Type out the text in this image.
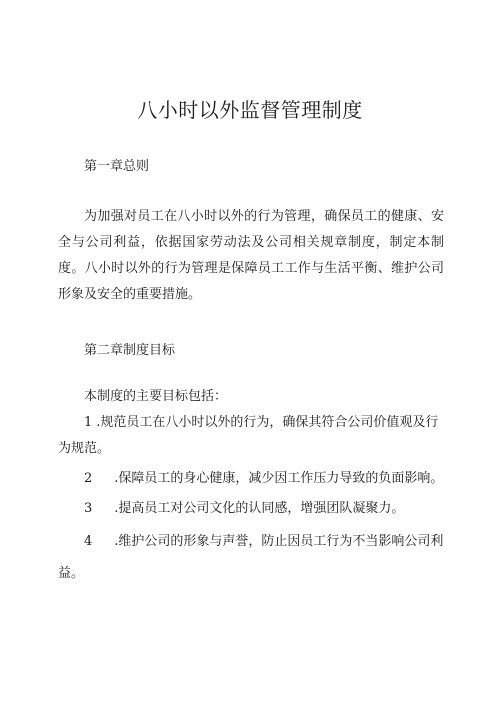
八小时以外监督管理制度
第一章总则
为加强对员工在八小时以外的行为管理，确保员工的健康、安全与公司利益，依据国家劳动法及公司相关规章制度，制定本制度。八小时以外的行为管理是保障员工工作与生活平衡、维护公司形象及安全的重要措施。
第二章制度目标
本制度的主要目标包括：
1 .规范员工在八小时以外的行为，确保其符合公司价值观及行为规范。
2 .保障员工的身心健康，减少因工作压力导致的负面影响。
3 .提高员工对公司文化的认同感，增强团队凝聚力。
4 .维护公司的形象与声誉，防止因员工行为不当影响公司利益。
